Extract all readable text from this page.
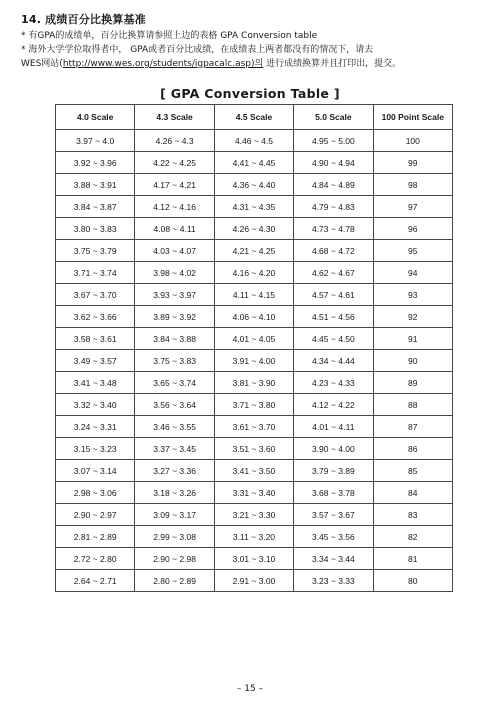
14. 成绩百分比换算基准
* 有GPA的成绩单，百分比换算请参照上边的表格 GPA Conversion table
* 海外大学学位取得者中， GPA或者百分比成绩，在成绩表上两者都没有的情况下，请去
WES网站(http://www.wes.org/students/igpacalc.asp)의 进行成绩换算并且打印出，提交。
[ GPA Conversion Table ]
4.0 Scale	4.3 Scale	4.5 Scale	5.0 Scale	100 Point Scale
3.97 ~ 4.0	4.26 ~ 4.3	4.46 ~ 4.5	4.95 ~ 5.00	100
3.92 ~ 3.96	4.22 ~ 4.25	4.41 ~ 4.45	4.90 ~ 4.94	99
3.88 ~ 3.91	4.17 ~ 4.21	4.36 ~ 4.40	4.84 ~ 4.89	98
3.84 ~ 3.87	4.12 ~ 4.16	4.31 ~ 4.35	4.79 ~ 4.83	97
3.80 ~ 3.83	4.08 ~ 4.11	4.26 ~ 4.30	4.73 ~ 4.78	96
3.75 ~ 3.79	4.03 ~ 4.07	4.21 ~ 4.25	4.68 ~ 4.72	95
3.71 ~ 3.74	3.98 ~ 4.02	4.16 ~ 4.20	4.62 ~ 4.67	94
3.67 ~ 3.70	3.93 ~ 3.97	4.11 ~ 4.15	4.57 ~ 4.61	93
3.62 ~ 3.66	3.89 ~ 3.92	4.06 ~ 4.10	4.51 ~ 4.56	92
3.58 ~ 3.61	3.84 ~ 3.88	4.01 ~ 4.05	4.45 ~ 4.50	91
3.49 ~ 3.57	3.75 ~ 3.83	3.91 ~ 4.00	4.34 ~ 4.44	90
3.41 ~ 3.48	3.65 ~ 3.74	3.81 ~ 3.90	4.23 ~ 4.33	89
3.32 ~ 3.40	3.56 ~ 3.64	3.71 ~ 3.80	4.12 ~ 4.22	88
3.24 ~ 3.31	3.46 ~ 3.55	3.61 ~ 3.70	4.01 ~ 4.11	87
3.15 ~ 3.23	3.37 ~ 3.45	3.51 ~ 3.60	3.90 ~ 4.00	86
3.07 ~ 3.14	3.27 ~ 3.36	3.41 ~ 3.50	3.79 ~ 3.89	85
2.98 ~ 3.06	3.18 ~ 3.26	3.31 ~ 3.40	3.68 ~ 3.78	84
2.90 ~ 2.97	3.09 ~ 3.17	3.21 ~ 3.30	3.57 ~ 3.67	83
2.81 ~ 2.89	2.99 ~ 3.08	3.11 ~ 3.20	3.45 ~ 3.56	82
2.72 ~ 2.80	2.90 ~ 2.98	3.01 ~ 3.10	3.34 ~ 3.44	81
2.64 ~ 2.71	2.80 ~ 2.89	2.91 ~ 3.00	3.23 ~ 3.33	80
– 15 –
